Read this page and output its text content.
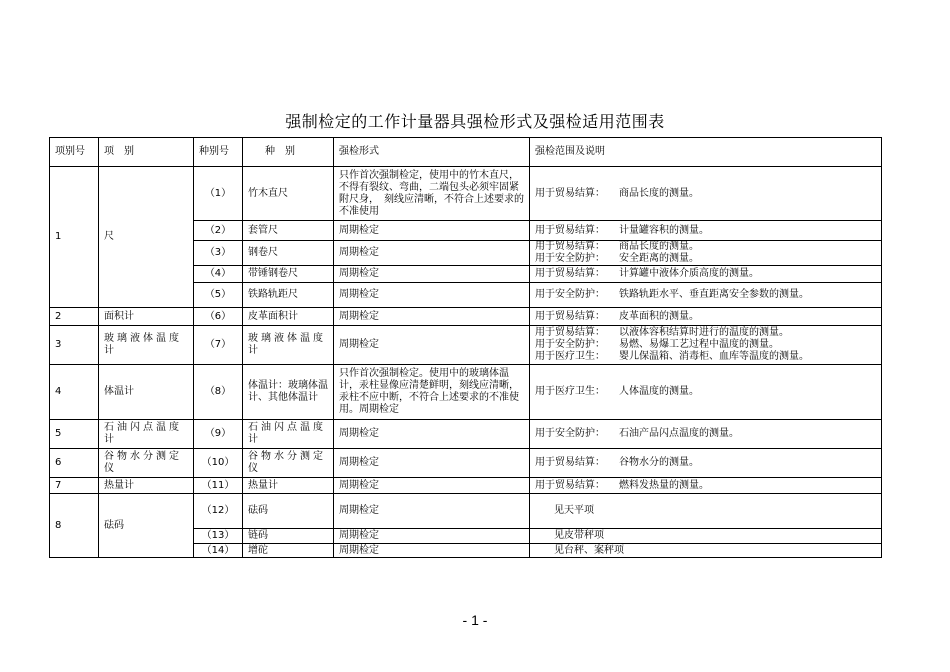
强制检定的工作计量器具强检形式及强检适用范围表
项别号	项　别	种别号	种　别	强检形式	强检范围及说明
1	尺	（1）	竹木直尺	只作首次强制检定，使用中的竹木直尺，不得有裂纹、弯曲，二端包头必须牢固紧附尺身，　刻线应清晰，不符合上述要求的不准使用	用于贸易结算： 商品长度的测量。

		（2）	套管尺	周期检定	用于贸易结算： 计量罐容积的测量。

		（3）	钢卷尺	周期检定	用于贸易结算： 商品长度的测量。
用于安全防护： 安全距离的测量。

		（4）	带锤钢卷尺	周期检定	用于贸易结算： 计算罐中液体介质高度的测量。

		（5）	铁路轨距尺	周期检定	用于安全防护： 铁路轨距水平、垂直距离安全参数的测量。

2	面积计	（6）	皮革面积计	周期检定	用于贸易结算： 皮革面积的测量。

3	玻璃液体温度计	（7）	玻璃液体温度计	周期检定	用于贸易结算： 以液体容积结算时进行的温度的测量。
用于安全防护： 易燃、易爆工艺过程中温度的测量。
用于医疗卫生： 婴儿保温箱、消毒柜、血库等温度的测量。

4	体温计	（8）	体温计：玻璃体温计、其他体温计	只作首次强制检定。使用中的玻璃体温计，汞柱显像应清楚鲜明，刻线应清晰，汞柱不应中断，不符合上述要求的不准使用。周期检定	用于医疗卫生： 人体温度的测量。

5	石油闪点温度计	（9）	石油闪点温度计	周期检定	用于安全防护： 石油产品闪点温度的测量。

6	谷物水分测定仪	（10）	谷物水分测定仪	周期检定	用于贸易结算： 谷物水分的测量。

7	热量计	（11）	热量计	周期检定	用于贸易结算： 燃料发热量的测量。

8	砝码	（12）	砝码	周期检定	见天平项
		（13）	链码	周期检定	见皮带秤项
		（14）	增砣	周期检定	见台秤、案秤项
- 1 -
